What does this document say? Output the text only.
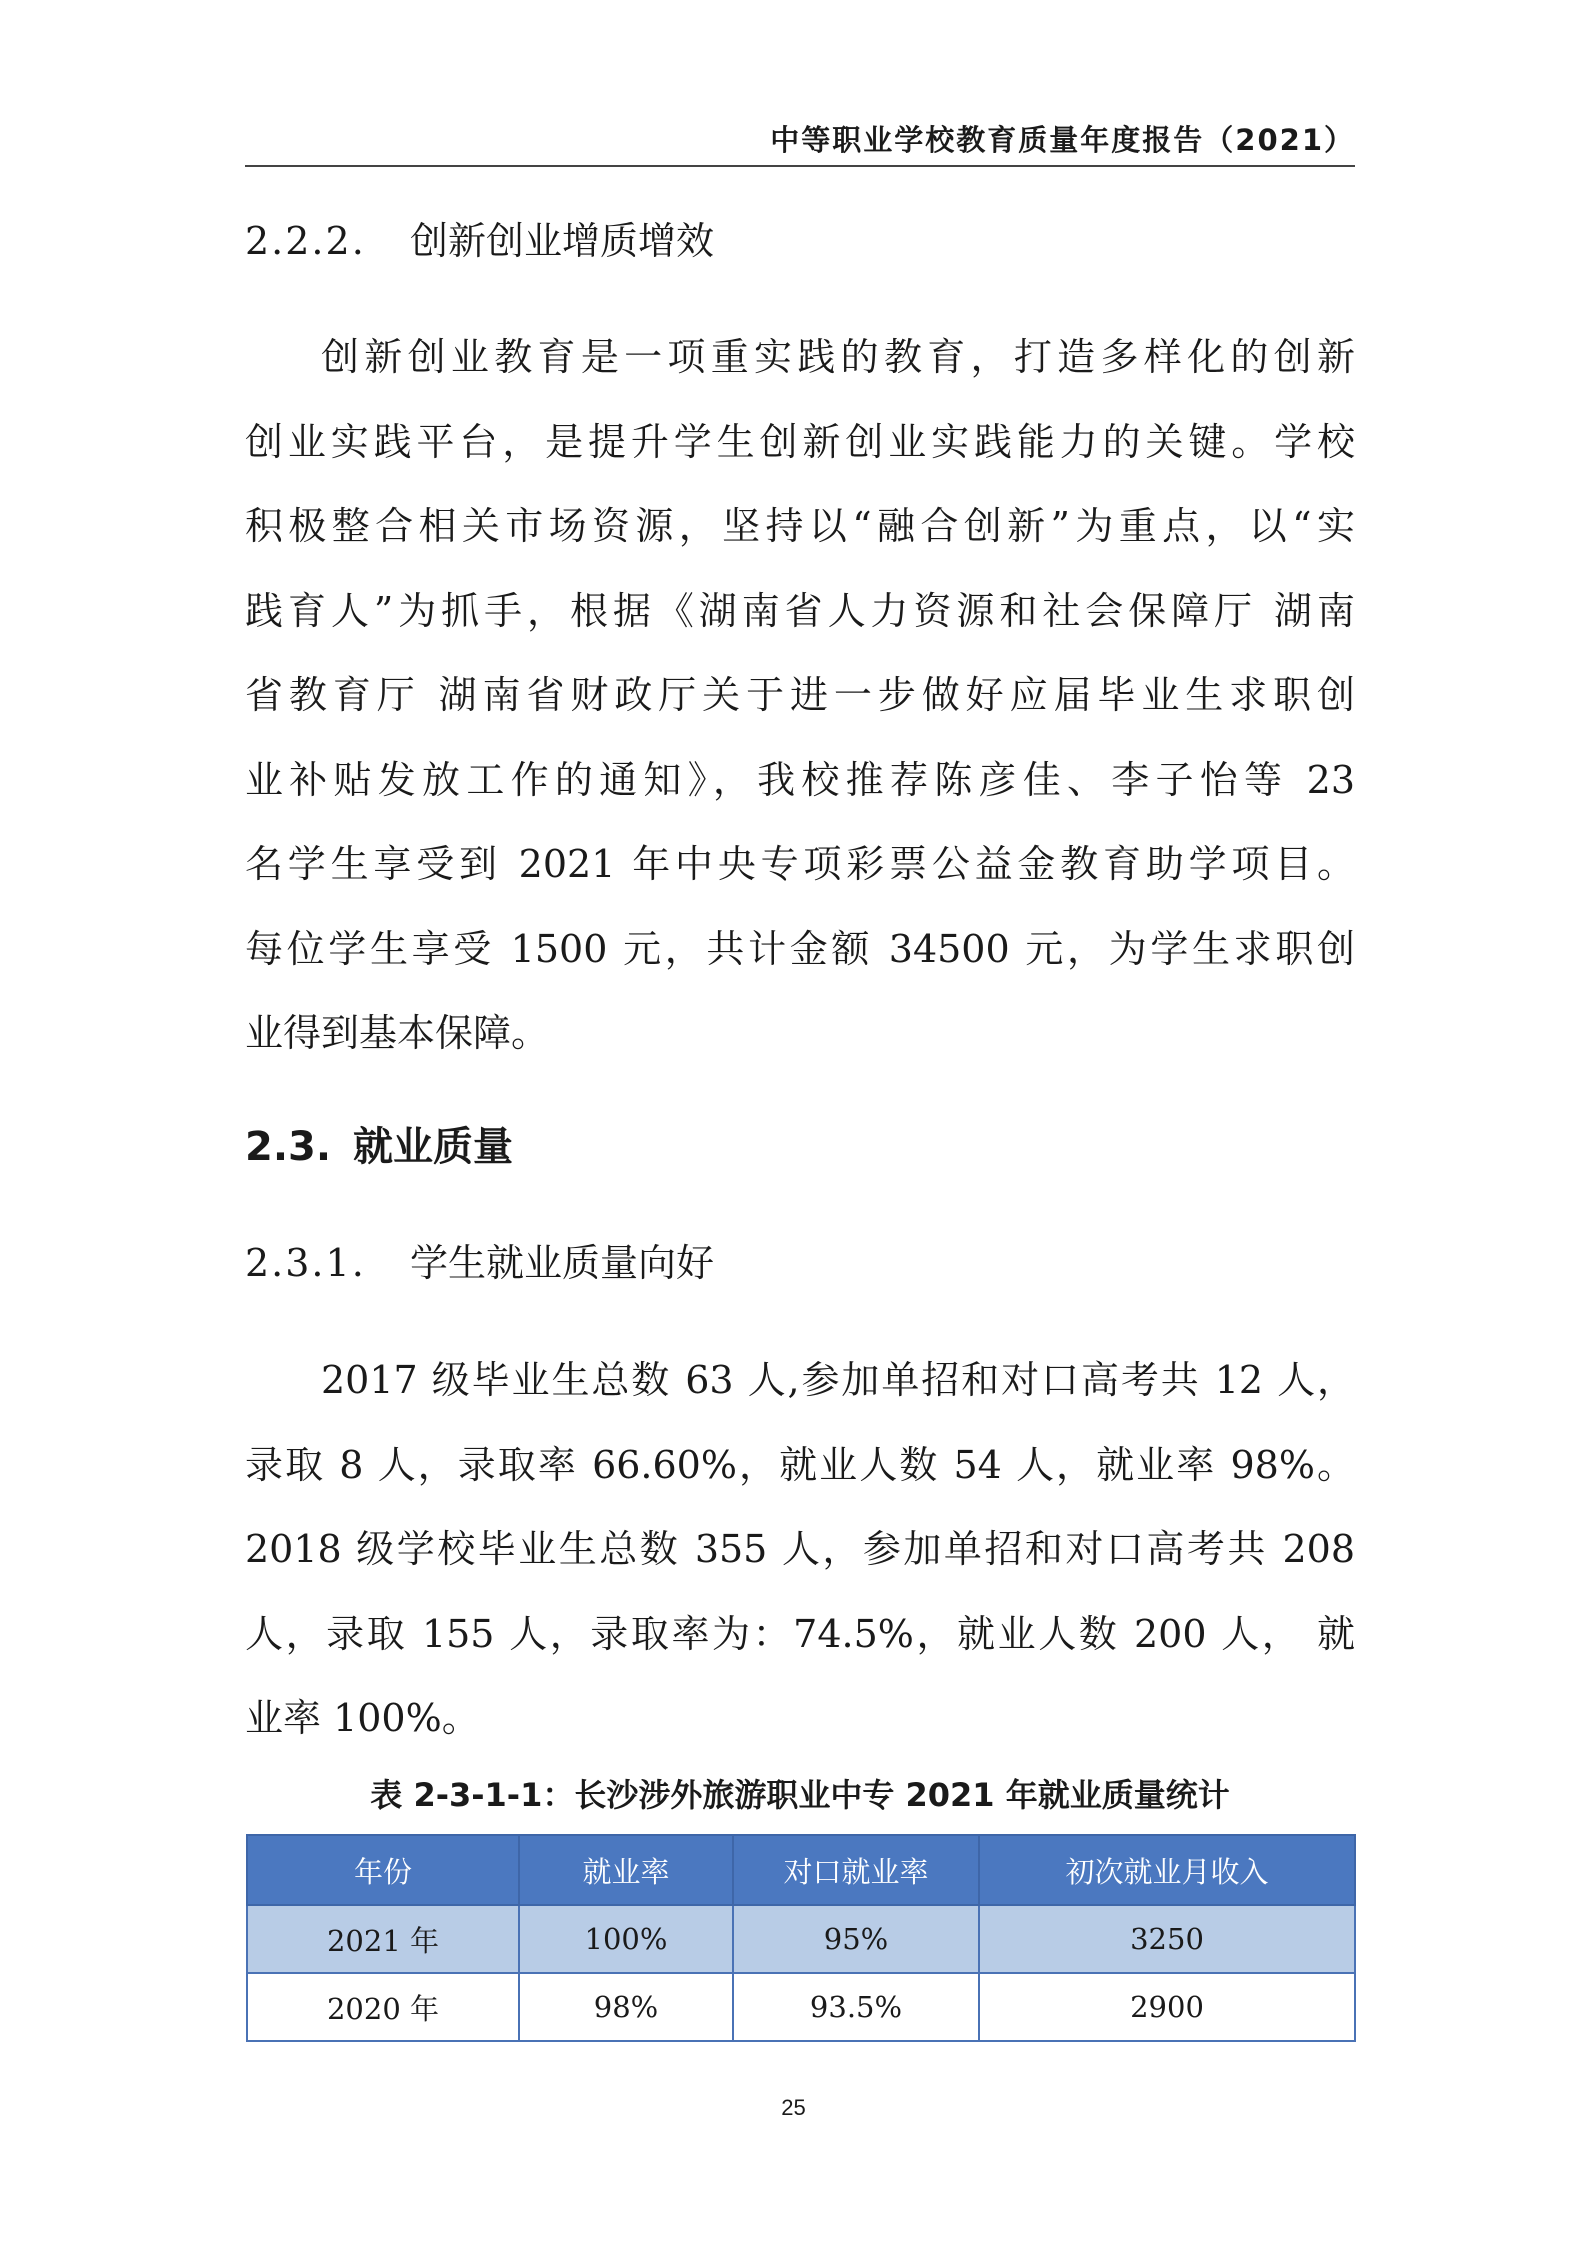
中等职业学校教育质量年度报告（2021）
2.2.2. 创新创业增质增效
创新创业教育是一项重实践的教育，打造多样化的创新
创业实践平台，是提升学生创新创业实践能力的关键。学校
积极整合相关市场资源，坚持以“融合创新”为重点，以“实
践育人”为抓手，根据《湖南省人力资源和社会保障厅 湖南
省教育厅 湖南省财政厅关于进一步做好应届毕业生求职创
业补贴发放工作的通知》，我校推荐陈彦佳、李子怡等 23
名学生享受到 2021 年中央专项彩票公益金教育助学项目。
每位学生享受 1500 元，共计金额 34500 元，为学生求职创
业得到基本保障。
2.3. 就业质量
2.3.1. 学生就业质量向好
2017 级毕业生总数 63 人,参加单招和对口高考共 12 人，
录取 8 人，录取率 66.60%，就业人数 54 人，就业率 98%。
2018 级学校毕业生总数 355 人，参加单招和对口高考共 208
人，录取 155 人，录取率为：74.5%，就业人数 200 人， 就
业率 100%。
表 2-3-1-1：长沙涉外旅游职业中专 2021 年就业质量统计
年份	就业率	对口就业率	初次就业月收入
2021 年	100%	95%	3250
2020 年	98%	93.5%	2900
25
